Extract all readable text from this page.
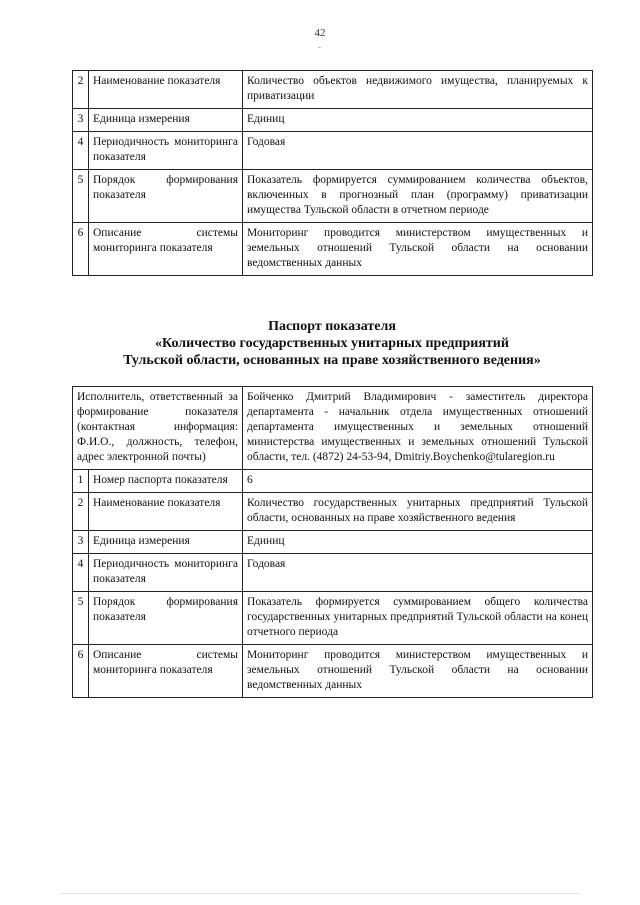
42
2	Наименование показателя	Количество объектов недвижимого имущества, планируемых к приватизации
3	Единица измерения	Единиц
4	Периодичность мониторинга показателя	Годовая
5	Порядок формирования показателя	Показатель формируется суммированием количества объектов, включенных в прогнозный план (программу) приватизации имущества Тульской области в отчетном периоде
6	Описание системы мониторинга показателя	Мониторинг проводится министерством имущественных и земельных отношений Тульской области на основании ведомственных данных
Паспорт показателя
«Количество государственных унитарных предприятий
Тульской области, основанных на праве хозяйственного ведения»
Исполнитель, ответственный за формирование показателя (контактная информация: Ф.И.О., должность, телефон, адрес электронной почты)		Бойченко Дмитрий Владимирович - заместитель директора департамента - начальник отдела имущественных отношений департамента имущественных и земельных отношений министерства имущественных и земельных отношений Тульской области, тел. (4872) 24-53-94, Dmitriy.Boychenko@tularegion.ru
1	Номер паспорта показателя	6
2	Наименование показателя	Количество государственных унитарных предприятий Тульской области, основанных на праве хозяйственного ведения
3	Единица измерения	Единиц
4	Периодичность мониторинга показателя	Годовая
5	Порядок формирования показателя	Показатель формируется суммированием общего количества государственных унитарных предприятий Тульской области на конец отчетного периода
6	Описание системы мониторинга показателя	Мониторинг проводится министерством имущественных и земельных отношений Тульской области на основании ведомственных данных
